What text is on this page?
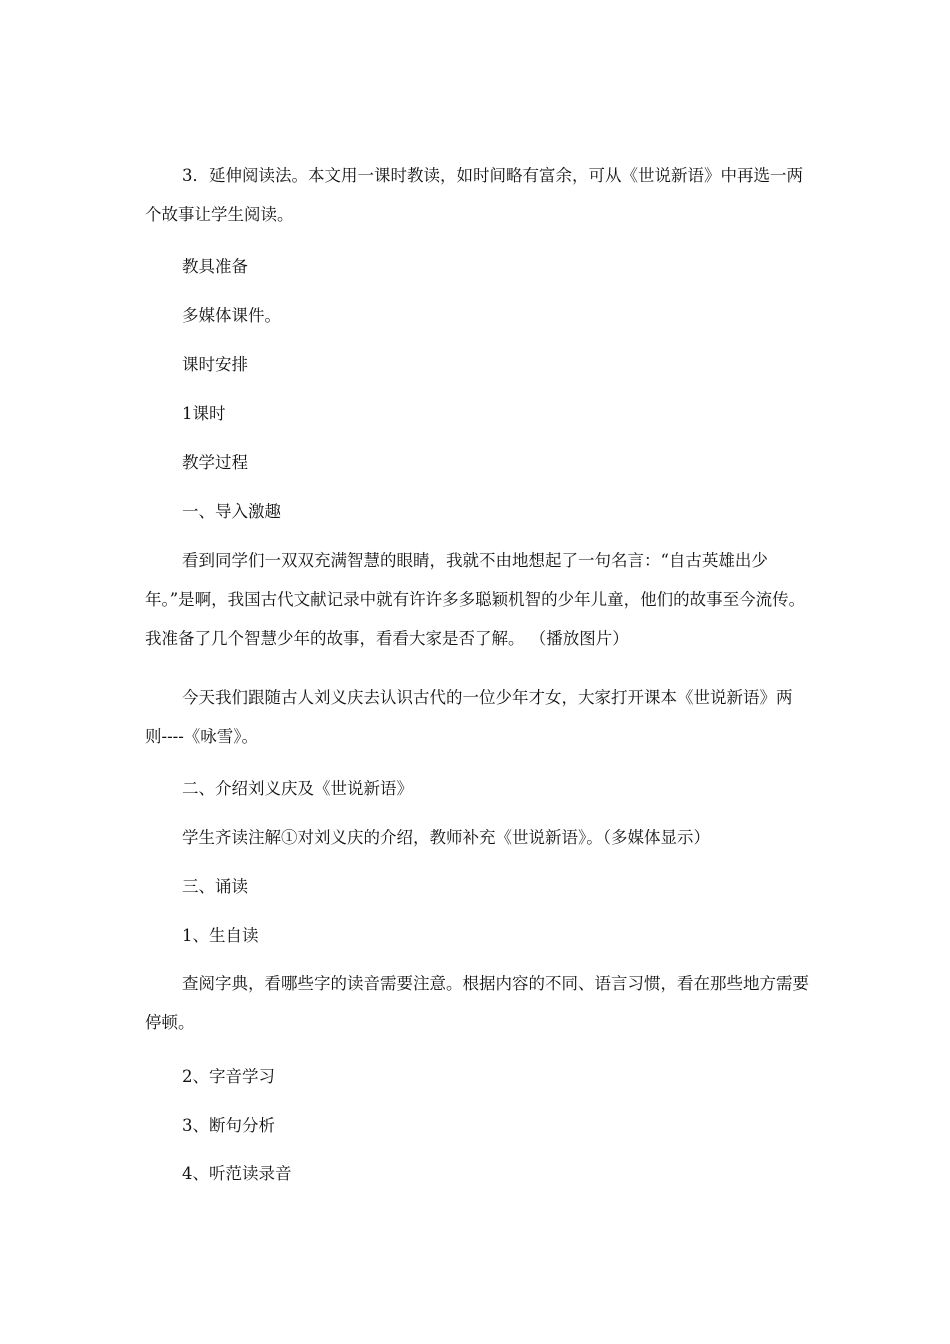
3．延伸阅读法。本文用一课时教读，如时间略有富余，可从《世说新语》中再选一两个故事让学生阅读。

教具准备

多媒体课件。

课时安排

1课时

教学过程

一、导入激趣

看到同学们一双双充满智慧的眼睛，我就不由地想起了一句名言：“自古英雄出少年。”是啊，我国古代文献记录中就有许许多多聪颖机智的少年儿童，他们的故事至今流传。我准备了几个智慧少年的故事，看看大家是否了解。 （播放图片）

今天我们跟随古人刘义庆去认识古代的一位少年才女，大家打开课本《世说新语》两则----《咏雪》。

二、介绍刘义庆及《世说新语》

学生齐读注解①对刘义庆的介绍，教师补充《世说新语》。（多媒体显示）

三、诵读

1、生自读

查阅字典，看哪些字的读音需要注意。根据内容的不同、语言习惯，看在那些地方需要停顿。

2、字音学习

3、断句分析

4、听范读录音
